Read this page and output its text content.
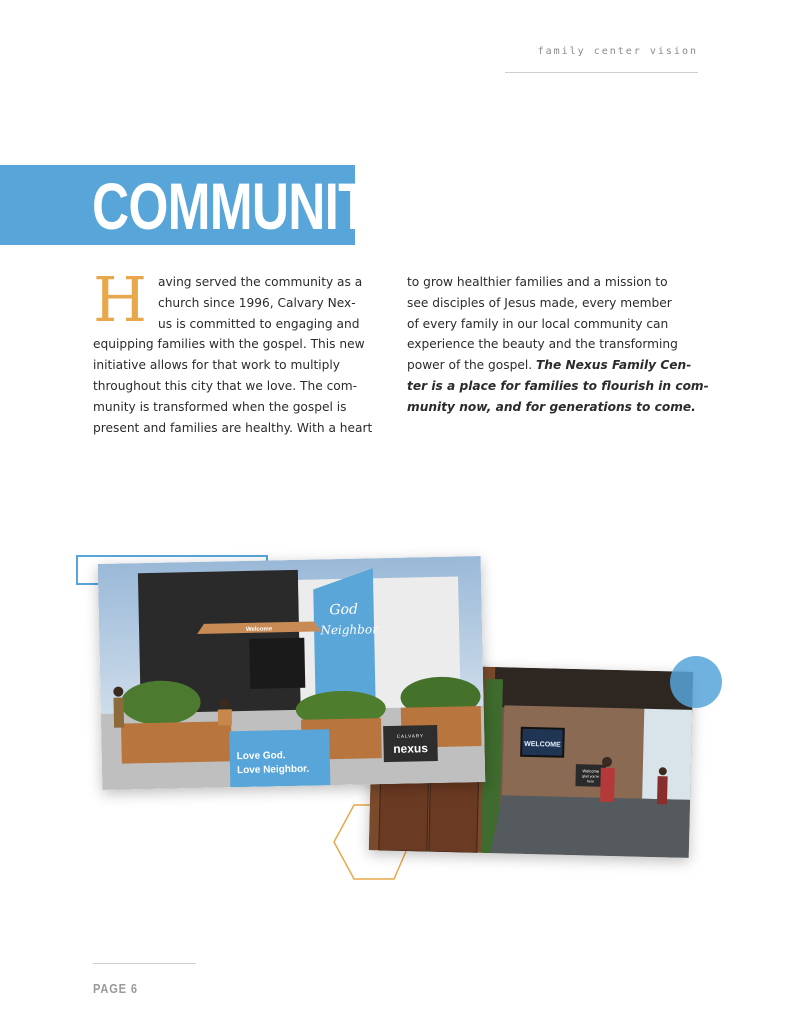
family center vision
COMMUNITY
H aving served the community as a
church since 1996, Calvary Nex-
us is committed to engaging and
equipping families with the gospel. This new
initiative allows for that work to multiply
throughout this city that we love. The com-
munity is transformed when the gospel is
present and families are healthy. With a heart
to grow healthier families and a mission to
see disciples of Jesus made, every member
of every family in our local community can
experience the beauty and the transforming
power of the gospel. The Nexus Family Cen-
ter is a place for families to flourish in com-
munity now, and for generations to come.
WELCOME
Welcome
glad you're
here
God
Neighbor
Welcome
Love God.
Love Neighbor.
CALVARY
nexus
PAGE 6
